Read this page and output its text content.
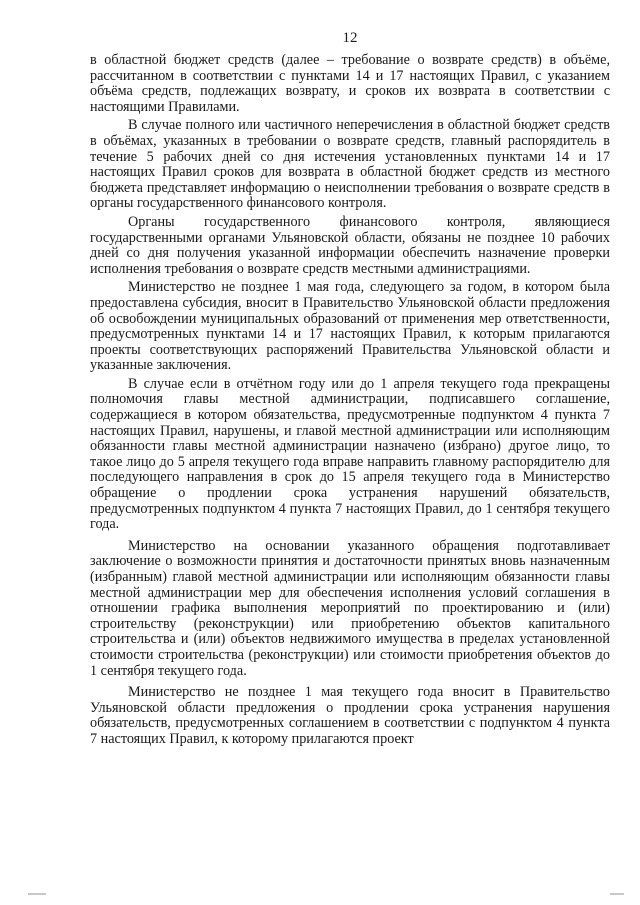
12

в областной бюджет средств (далее – требование о возврате средств) в объёме, рассчитанном в соответствии с пунктами 14 и 17 настоящих Правил, с указанием объёма средств, подлежащих возврату, и сроков их возврата в соответствии с настоящими Правилами.

В случае полного или частичного неперечисления в областной бюджет средств в объёмах, указанных в требовании о возврате средств, главный распорядитель в течение 5 рабочих дней со дня истечения установленных пунктами 14 и 17 настоящих Правил сроков для возврата в областной бюджет средств из местного бюджета представляет информацию о неисполнении требования о возврате средств в органы государственного финансового контроля.

Органы государственного финансового контроля, являющиеся государственными органами Ульяновской области, обязаны не позднее 10 рабочих дней со дня получения указанной информации обеспечить назначение проверки исполнения требования о возврате средств местными администрациями.

Министерство не позднее 1 мая года, следующего за годом, в котором была предоставлена субсидия, вносит в Правительство Ульяновской области предложения об освобождении муниципальных образований от применения мер ответственности, предусмотренных пунктами 14 и 17 настоящих Правил, к которым прилагаются проекты соответствующих распоряжений Правительства Ульяновской области и указанные заключения.

В случае если в отчётном году или до 1 апреля текущего года прекращены полномочия главы местной администрации, подписавшего соглашение, содержащиеся в котором обязательства, предусмотренные подпунктом 4 пункта 7 настоящих Правил, нарушены, и главой местной администрации или исполняющим обязанности главы местной администрации назначено (избрано) другое лицо, то такое лицо до 5 апреля текущего года вправе направить главному распорядителю для последующего направления в срок до 15 апреля текущего года в Министерство обращение о продлении срока устранения нарушений обязательств, предусмотренных подпунктом 4 пункта 7 настоящих Правил, до 1 сентября текущего года.

Министерство на основании указанного обращения подготавливает заключение о возможности принятия и достаточности принятых вновь назначенным (избранным) главой местной администрации или исполняющим обязанности главы местной администрации мер для обеспечения исполнения условий соглашения в отношении графика выполнения мероприятий по проектированию и (или) строительству (реконструкции) или приобретению объектов капитального строительства и (или) объектов недвижимого имущества в пределах установленной стоимости строительства (реконструкции) или стоимости приобретения объектов до 1 сентября текущего года.

Министерство не позднее 1 мая текущего года вносит в Правительство Ульяновской области предложения о продлении срока устранения нарушения обязательств, предусмотренных соглашением в соответствии с подпунктом 4 пункта 7 настоящих Правил, к которому прилагаются проект
